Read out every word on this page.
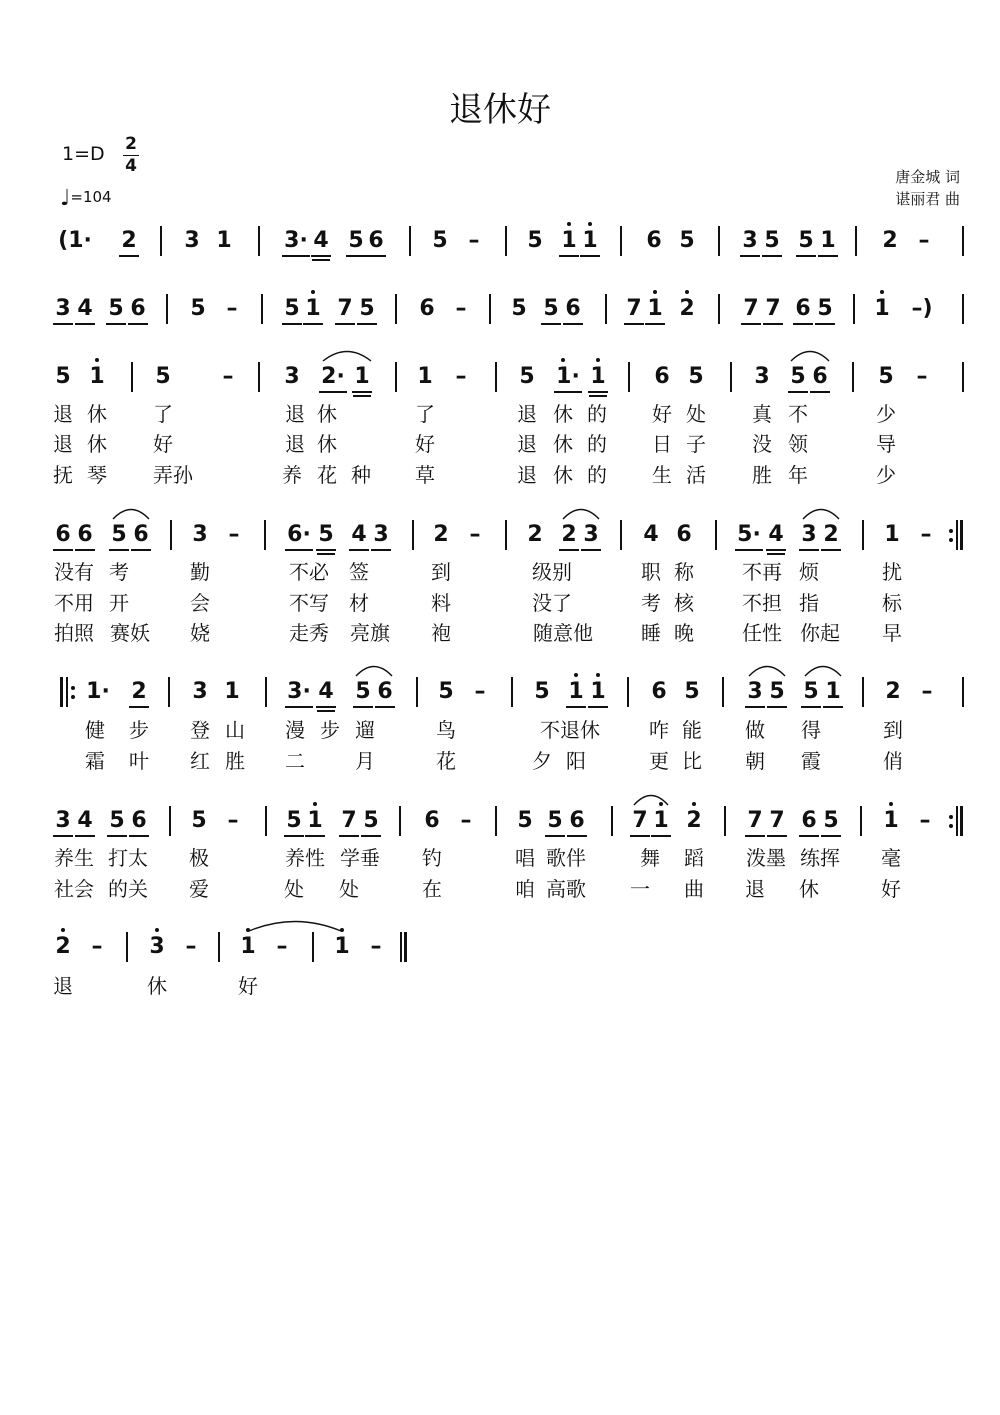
退休好
1=D 2
4
♩=104
唐金城 词
谌丽君 曲
(1· 2 3 1 3· 4 5 6 5 – 5 1 1 6 5 3 5 5 1 2 –
3 4 5 6 5 – 5 1 7 5 6 – 5 5 6 7 1 2 7 7 6 5 1 –)
5 1 5 – 3 2· 1 1 – 5 1· 1 6 5 3 5 6 5 –
退 休 了	退 休	了	退 休 的 好 处 真 不	少
退 休 好	退 休	好	退 休 的 日 子 没 领	导
抚 琴 弄孙	养 花 种 草	退 休 的 生 活 胜 年	少
6 6 5 6 3 – 6· 5 4 3 2 – 2 2 3 4 6 5· 4 3 2 1 –
没有 考	勤	不必 签	到	级别	职 称 不再 烦	扰
不用 开	会	不写 材	料	没了	考 核 不担 指	标
拍照 赛妖 娆	走秀 亮旗 袍	随意他 睡 晚 任性 你起 早
1· 2 3 1 3· 4 5 6 5 – 5 1 1 6 5 3 5 5 1 2 –
健 步 登 山 漫 步 遛	鸟	不退休 咋 能 做 得	到
霜 叶 红 胜 二	月	花	夕 阳	更 比 朝 霞	俏
3 4 5 6 5 – 5 1 7 5 6 – 5 5 6 7 1 2 7 7 6 5 1 –
养生 打太 极	养性 学垂 钓	唱 歌伴	舞 蹈 泼墨 练挥 毫
社会 的关 爱	处 处	在	咱 高歌 一 曲 退 休	好
2 – 3 – 1 – 1 –
退	休	好
